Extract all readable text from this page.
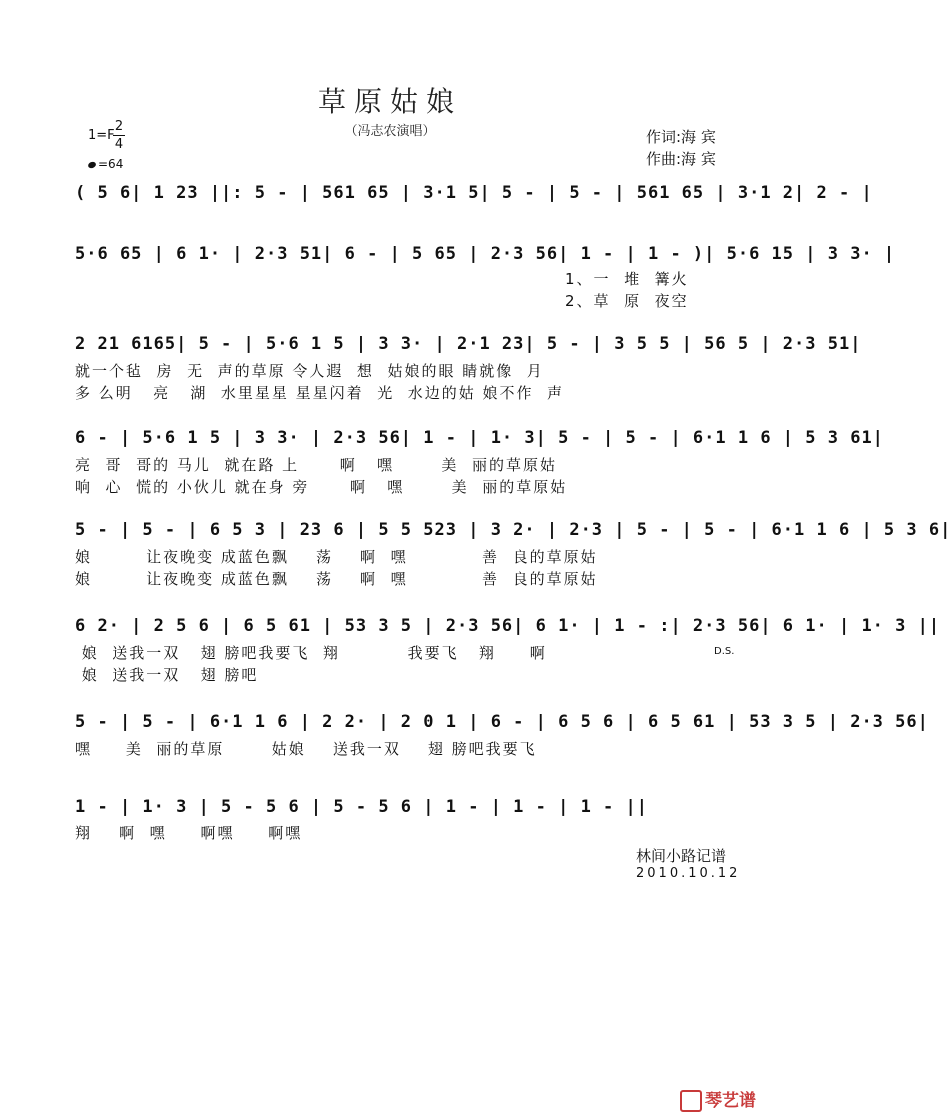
草原姑娘
（冯志农演唱）
1=F
2
4
=64
作词:海 宾
作曲:海 宾
( 5 6| 1 23 ||: 5 - | 561 65 | 3·1 5| 5 - | 5 - | 561 65 | 3·1 2| 2 - |
5·6 65 | 6 1· | 2·3 51| 6 - | 5 65 | 2·3 56| 1 - | 1 - )| 5·6 15 | 3 3· |
1、一  堆  篝火
2、草  原  夜空
2 21 6165| 5 - | 5·6 1 5 | 3 3· | 2·1 23| 5 - | 3 5 5 | 56 5 | 2·3 51|
就一个毡  房  无  声的草原 令人遐  想  姑娘的眼 睛就像  月
多 么明   亮   湖  水里星星 星星闪着  光  水边的姑 娘不作  声
6 - | 5·6 1 5 | 3 3· | 2·3 56| 1 - | 1· 3| 5 - | 5 - | 6·1 1 6 | 5 3 61|
亮  哥  哥的 马儿  就在路 上      啊   嘿       美  丽的草原姑
响  心  慌的 小伙儿 就在身 旁      啊   嘿       美  丽的草原姑
5 - | 5 - | 6 5 3 | 23 6 | 5 5 523 | 3 2· | 2·3 | 5 - | 5 - | 6·1 1 6 | 5 3 6|
娘        让夜晚变 成蓝色飘    荡    啊  嘿           善  良的草原姑
娘        让夜晚变 成蓝色飘    荡    啊  嘿           善  良的草原姑
6 2· | 2 5 6 | 6 5 61 | 53 3 5 | 2·3 56| 6 1· | 1 - :| 2·3 56| 6 1· | 1· 3 ||
娘  送我一双   翅 膀吧我要飞  翔          我要飞   翔     啊
娘  送我一双   翅 膀吧
D.S.
5 - | 5 - | 6·1 1 6 | 2 2· | 2 0 1 | 6 - | 6 5 6 | 6 5 61 | 53 3 5 | 2·3 56|
嘿     美  丽的草原       姑娘    送我一双    翅 膀吧我要飞
1 - | 1· 3 | 5 - 5 6 | 5 - 5 6 | 1 - | 1 - | 1 - ||
翔    啊  嘿     啊嘿     啊嘿
林间小路记谱
2010.10.12
琴艺谱
